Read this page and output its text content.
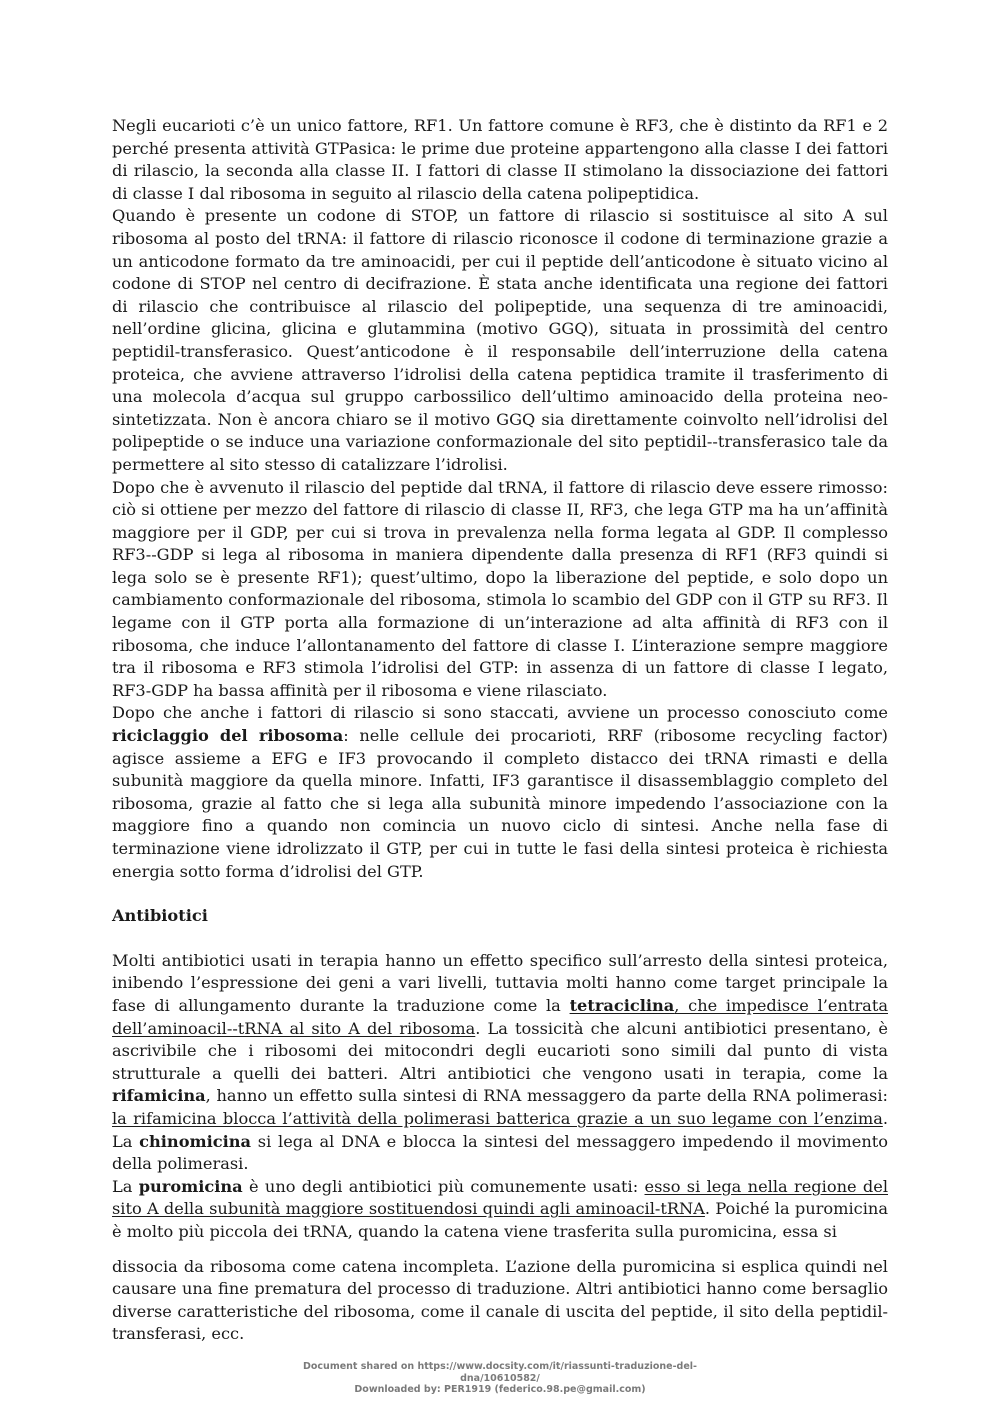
Negli eucarioti c’è un unico fattore, RF1. Un fattore comune è RF3, che è distinto da RF1 e 2 perché presenta attività GTPasica: le prime due proteine appartengono alla classe I dei fattori di rilascio, la seconda alla classe II. I fattori di classe II stimolano la dissociazione dei fattori di classe I dal ribosoma in seguito al rilascio della catena polipeptidica.

Quando è presente un codone di STOP, un fattore di rilascio si sostituisce al sito A sul ribosoma al posto del tRNA: il fattore di rilascio riconosce il codone di terminazione grazie a un anticodone formato da tre aminoacidi, per cui il peptide dell’anticodone è situato vicino al codone di STOP nel centro di decifrazione. È stata anche identificata una regione dei fattori di rilascio che contribuisce al rilascio del polipeptide, una sequenza di tre aminoacidi, nell’ordine glicina, glicina e glutammina (motivo GGQ), situata in prossimità del centro peptidil-transferasico. Quest’anticodone è il responsabile dell’interruzione della catena proteica, che avviene attraverso l’idrolisi della catena peptidica tramite il trasferimento di una molecola d’acqua sul gruppo carbossilico dell’ultimo aminoacido della proteina neo-sintetizzata. Non è ancora chiaro se il motivo GGQ sia direttamente coinvolto nell’idrolisi del polipeptide o se induce una variazione conformazionale del sito peptidil--transferasico tale da permettere al sito stesso di catalizzare l’idrolisi.

Dopo che è avvenuto il rilascio del peptide dal tRNA, il fattore di rilascio deve essere rimosso: ciò si ottiene per mezzo del fattore di rilascio di classe II, RF3, che lega GTP ma ha un’affinità maggiore per il GDP, per cui si trova in prevalenza nella forma legata al GDP. Il complesso RF3--GDP si lega al ribosoma in maniera dipendente dalla presenza di RF1 (RF3 quindi si lega solo se è presente RF1); quest’ultimo, dopo la liberazione del peptide, e solo dopo un cambiamento conformazionale del ribosoma, stimola lo scambio del GDP con il GTP su RF3. Il legame con il GTP porta alla formazione di un’interazione ad alta affinità di RF3 con il ribosoma, che induce l’allontanamento del fattore di classe I. L’interazione sempre maggiore tra il ribosoma e RF3 stimola l’idrolisi del GTP: in assenza di un fattore di classe I legato, RF3-GDP ha bassa affinità per il ribosoma e viene rilasciato.

Dopo che anche i fattori di rilascio si sono staccati, avviene un processo conosciuto come riciclaggio del ribosoma: nelle cellule dei procarioti, RRF (ribosome recycling factor) agisce assieme a EFG e IF3 provocando il completo distacco dei tRNA rimasti e della subunità maggiore da quella minore. Infatti, IF3 garantisce il disassemblaggio completo del ribosoma, grazie al fatto che si lega alla subunità minore impedendo l’associazione con la maggiore fino a quando non comincia un nuovo ciclo di sintesi. Anche nella fase di terminazione viene idrolizzato il GTP, per cui in tutte le fasi della sintesi proteica è richiesta energia sotto forma d’idrolisi del GTP.

Antibiotici

Molti antibiotici usati in terapia hanno un effetto specifico sull’arresto della sintesi proteica, inibendo l’espressione dei geni a vari livelli, tuttavia molti hanno come target principale la fase di allungamento durante la traduzione come la tetraciclina, che impedisce l’entrata dell’aminoacil--tRNA al sito A del ribosoma. La tossicità che alcuni antibiotici presentano, è ascrivibile che i ribosomi dei mitocondri degli eucarioti sono simili dal punto di vista strutturale a quelli dei batteri. Altri antibiotici che vengono usati in terapia, come la rifamicina, hanno un effetto sulla sintesi di RNA messaggero da parte della RNA polimerasi: la rifamicina blocca l’attività della polimerasi batterica grazie a un suo legame con l’enzima. La chinomicina si lega al DNA e blocca la sintesi del messaggero impedendo il movimento della polimerasi.

La puromicina è uno degli antibiotici più comunemente usati: esso si lega nella regione del sito A della subunità maggiore sostituendosi quindi agli aminoacil-tRNA. Poiché la puromicina è molto più piccola dei tRNA, quando la catena viene trasferita sulla puromicina, essa si

dissocia da ribosoma come catena incompleta. L’azione della puromicina si esplica quindi nel causare una fine prematura del processo di traduzione. Altri antibiotici hanno come bersaglio diverse caratteristiche del ribosoma, come il canale di uscita del peptide, il sito della peptidil-transferasi, ecc.

Document shared on https://www.docsity.com/it/riassunti-traduzione-del-
dna/10610582/
Downloaded by: PER1919 (federico.98.pe@gmail.com)
